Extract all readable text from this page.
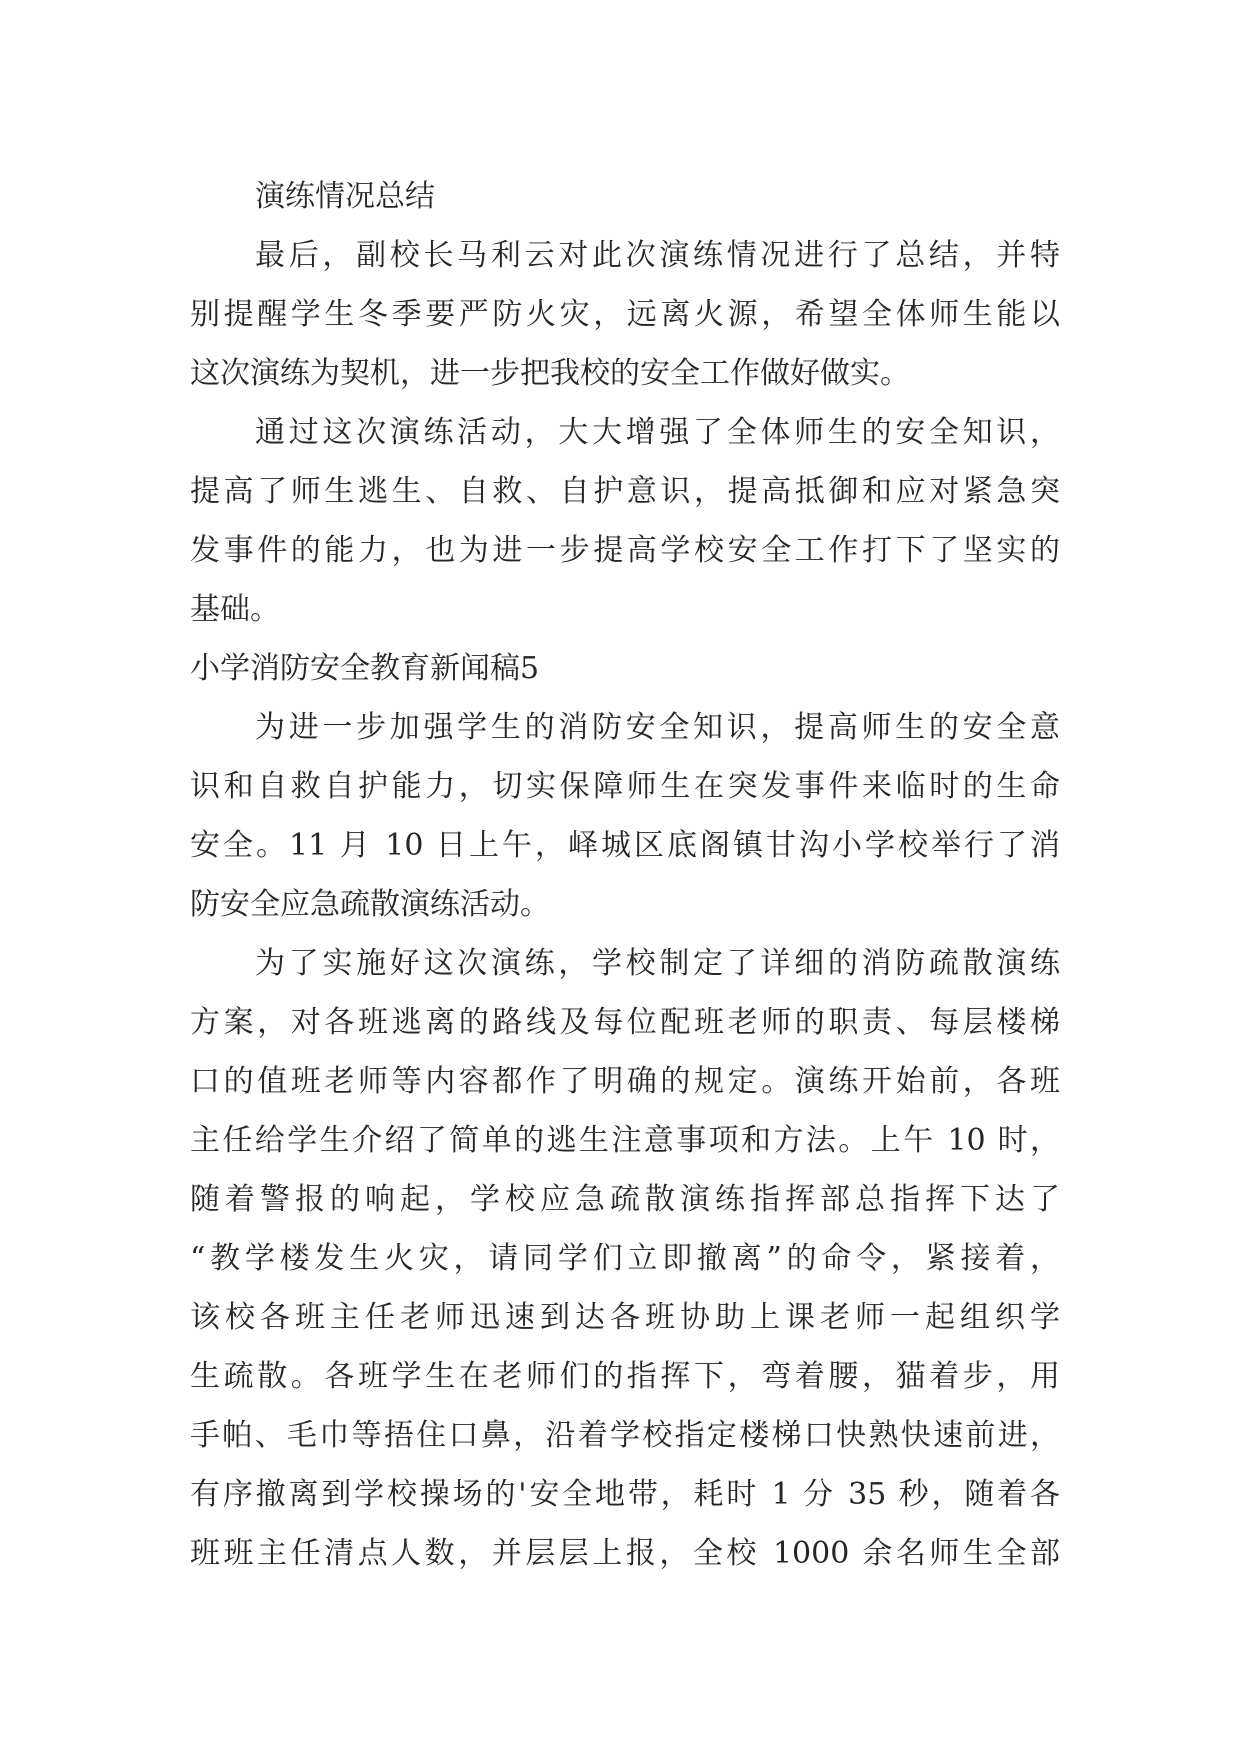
演练情况总结
最后，副校长马利云对此次演练情况进行了总结，并特
别提醒学生冬季要严防火灾，远离火源，希望全体师生能以
这次演练为契机，进一步把我校的安全工作做好做实。
通过这次演练活动，大大增强了全体师生的安全知识，
提高了师生逃生、自救、自护意识，提高抵御和应对紧急突
发事件的能力，也为进一步提高学校安全工作打下了坚实的
基础。
小学消防安全教育新闻稿5
为进一步加强学生的消防安全知识，提高师生的安全意
识和自救自护能力，切实保障师生在突发事件来临时的生命
安全。11 月 10 日上午，峄城区底阁镇甘沟小学校举行了消
防安全应急疏散演练活动。
为了实施好这次演练，学校制定了详细的消防疏散演练
方案，对各班逃离的路线及每位配班老师的职责、每层楼梯
口的值班老师等内容都作了明确的规定。演练开始前，各班
主任给学生介绍了简单的逃生注意事项和方法。上午 10 时，
随着警报的响起，学校应急疏散演练指挥部总指挥下达了
“教学楼发生火灾，请同学们立即撤离”的命令，紧接着，
该校各班主任老师迅速到达各班协助上课老师一起组织学
生疏散。各班学生在老师们的指挥下，弯着腰，猫着步，用
手帕、毛巾等捂住口鼻，沿着学校指定楼梯口快熟快速前进，
有序撤离到学校操场的'安全地带，耗时 1 分 35 秒，随着各
班班主任清点人数，并层层上报，全校 1000 余名师生全部
